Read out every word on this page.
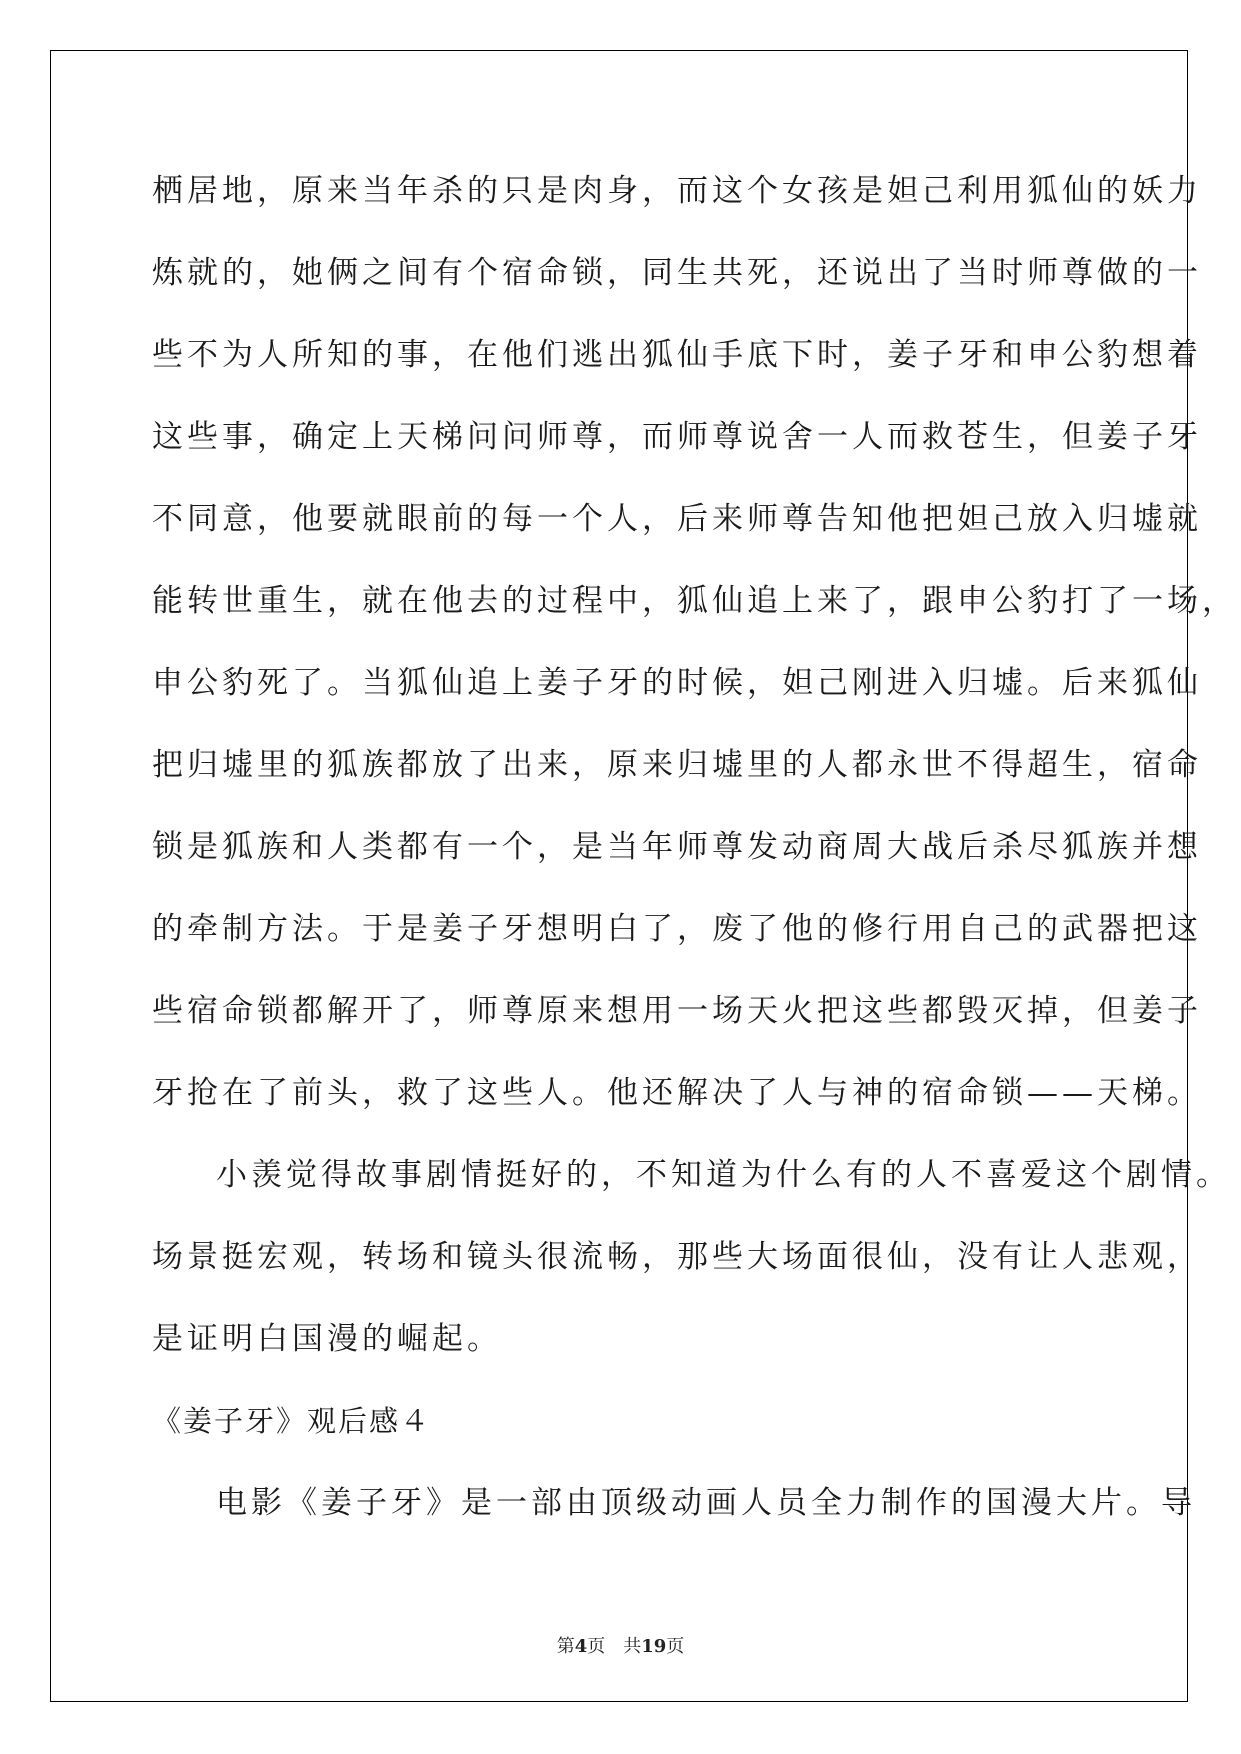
栖居地，原来当年杀的只是肉身，而这个女孩是妲己利用狐仙的妖力
炼就的，她俩之间有个宿命锁，同生共死，还说出了当时师尊做的一
些不为人所知的事，在他们逃出狐仙手底下时，姜子牙和申公豹想着
这些事，确定上天梯问问师尊，而师尊说舍一人而救苍生，但姜子牙
不同意，他要就眼前的每一个人，后来师尊告知他把妲己放入归墟就
能转世重生，就在他去的过程中，狐仙追上来了，跟申公豹打了一场，
申公豹死了。当狐仙追上姜子牙的时候，妲己刚进入归墟。后来狐仙
把归墟里的狐族都放了出来，原来归墟里的人都永世不得超生，宿命
锁是狐族和人类都有一个，是当年师尊发动商周大战后杀尽狐族并想
的牵制方法。于是姜子牙想明白了，废了他的修行用自己的武器把这
些宿命锁都解开了，师尊原来想用一场天火把这些都毁灭掉，但姜子
牙抢在了前头，救了这些人。他还解决了人与神的宿命锁——天梯。
小羡觉得故事剧情挺好的，不知道为什么有的人不喜爱这个剧情。
场景挺宏观，转场和镜头很流畅，那些大场面很仙，没有让人悲观，
是证明白国漫的崛起。
《姜子牙》观后感４
电影《姜子牙》是一部由顶级动画人员全力制作的国漫大片。导
第4页　共19页
